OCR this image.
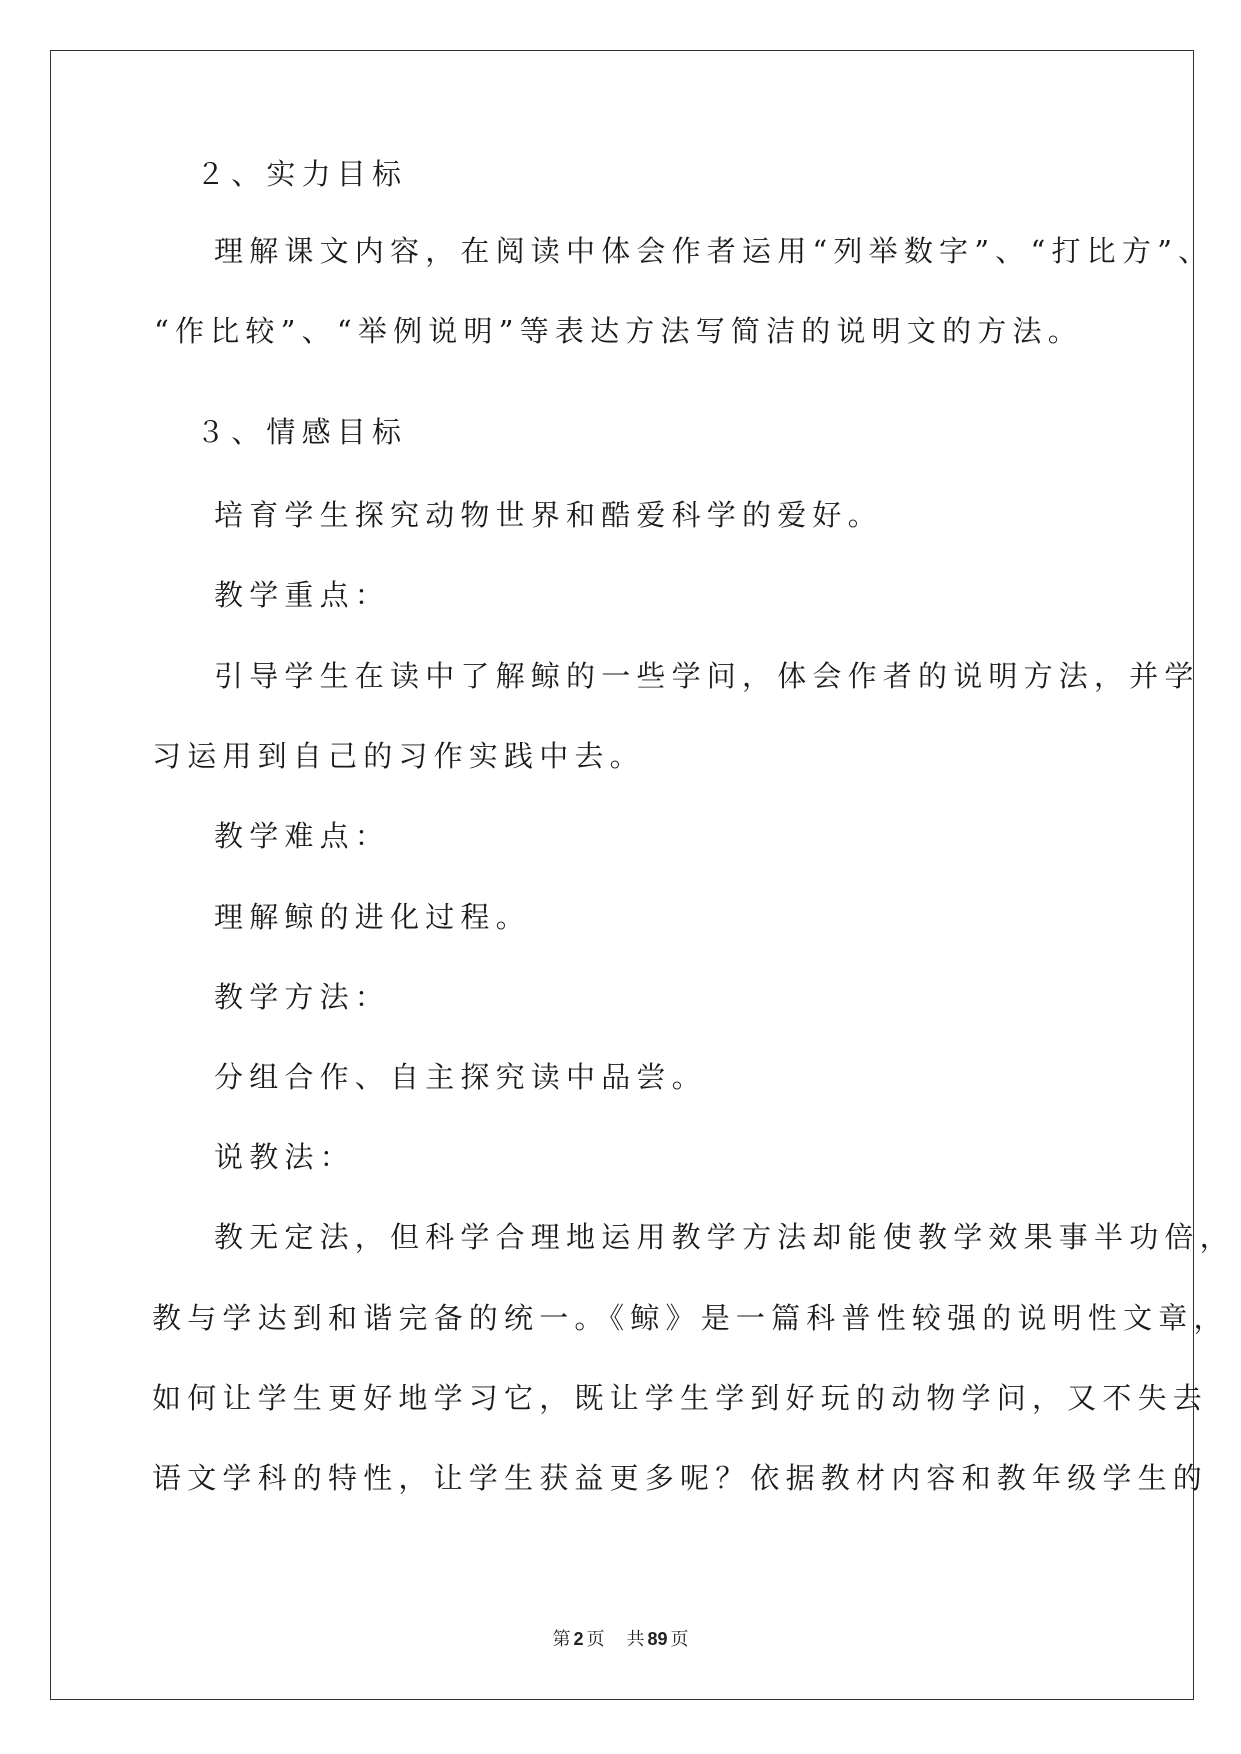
２、实力目标
理解课文内容，在阅读中体会作者运用“列举数字”、“打比方”、
“作比较”、“举例说明”等表达方法写简洁的说明文的方法。
３、情感目标
培育学生探究动物世界和酷爱科学的爱好。
教学重点：
引导学生在读中了解鲸的一些学问，体会作者的说明方法，并学
习运用到自己的习作实践中去。
教学难点：
理解鲸的进化过程。
教学方法：
分组合作、自主探究读中品尝。
说教法：
教无定法，但科学合理地运用教学方法却能使教学效果事半功倍，
教与学达到和谐完备的统一。《鲸》是一篇科普性较强的说明性文章，
如何让学生更好地学习它，既让学生学到好玩的动物学问，又不失去
语文学科的特性，让学生获益更多呢？依据教材内容和教年级学生的
第 2 页 共 89 页
